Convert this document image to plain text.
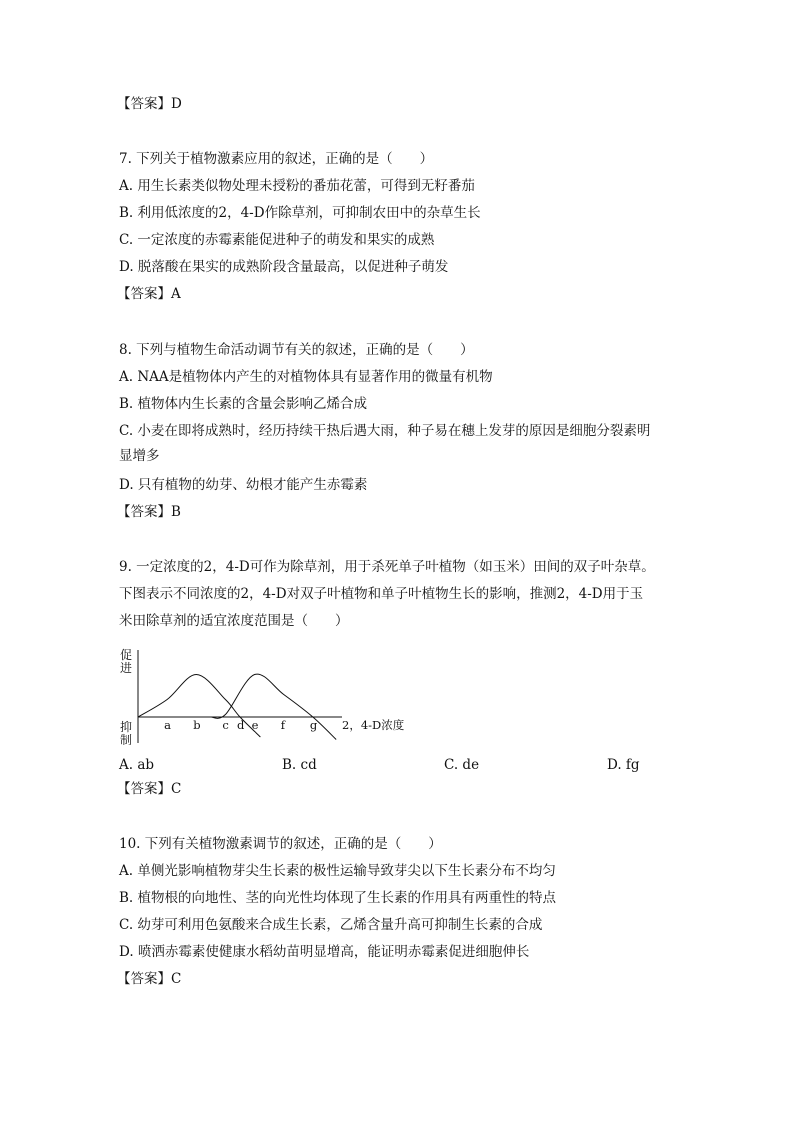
【答案】D
7. 下列关于植物激素应用的叙述，正确的是（　　）
A. 用生长素类似物处理未授粉的番茄花蕾，可得到无籽番茄
B. 利用低浓度的2，4-D作除草剂，可抑制农田中的杂草生长
C. 一定浓度的赤霉素能促进种子的萌发和果实的成熟
D. 脱落酸在果实的成熟阶段含量最高，以促进种子萌发
【答案】A
8. 下列与植物生命活动调节有关的叙述，正确的是（　　）
A. NAA是植物体内产生的对植物体具有显著作用的微量有机物
B. 植物体内生长素的含量会影响乙烯合成
C. 小麦在即将成熟时，经历持续干热后遇大雨，种子易在穗上发芽的原因是细胞分裂素明
显增多
D. 只有植物的幼芽、幼根才能产生赤霉素
【答案】B
9. 一定浓度的2，4-D可作为除草剂，用于杀死单子叶植物（如玉米）田间的双子叶杂草。
下图表示不同浓度的2，4-D对双子叶植物和单子叶植物生长的影响，推测2，4-D用于玉
米田除草剂的适宜浓度范围是（　　）
促
进
抑
制
2，4-D浓度
a b c d e f g
A. ab	B. cd	C. de	D. fg
【答案】C
10. 下列有关植物激素调节的叙述，正确的是（　　）
A. 单侧光影响植物芽尖生长素的极性运输导致芽尖以下生长素分布不均匀
B. 植物根的向地性、茎的向光性均体现了生长素的作用具有两重性的特点
C. 幼芽可利用色氨酸来合成生长素，乙烯含量升高可抑制生长素的合成
D. 喷洒赤霉素使健康水稻幼苗明显增高，能证明赤霉素促进细胞伸长
【答案】C
